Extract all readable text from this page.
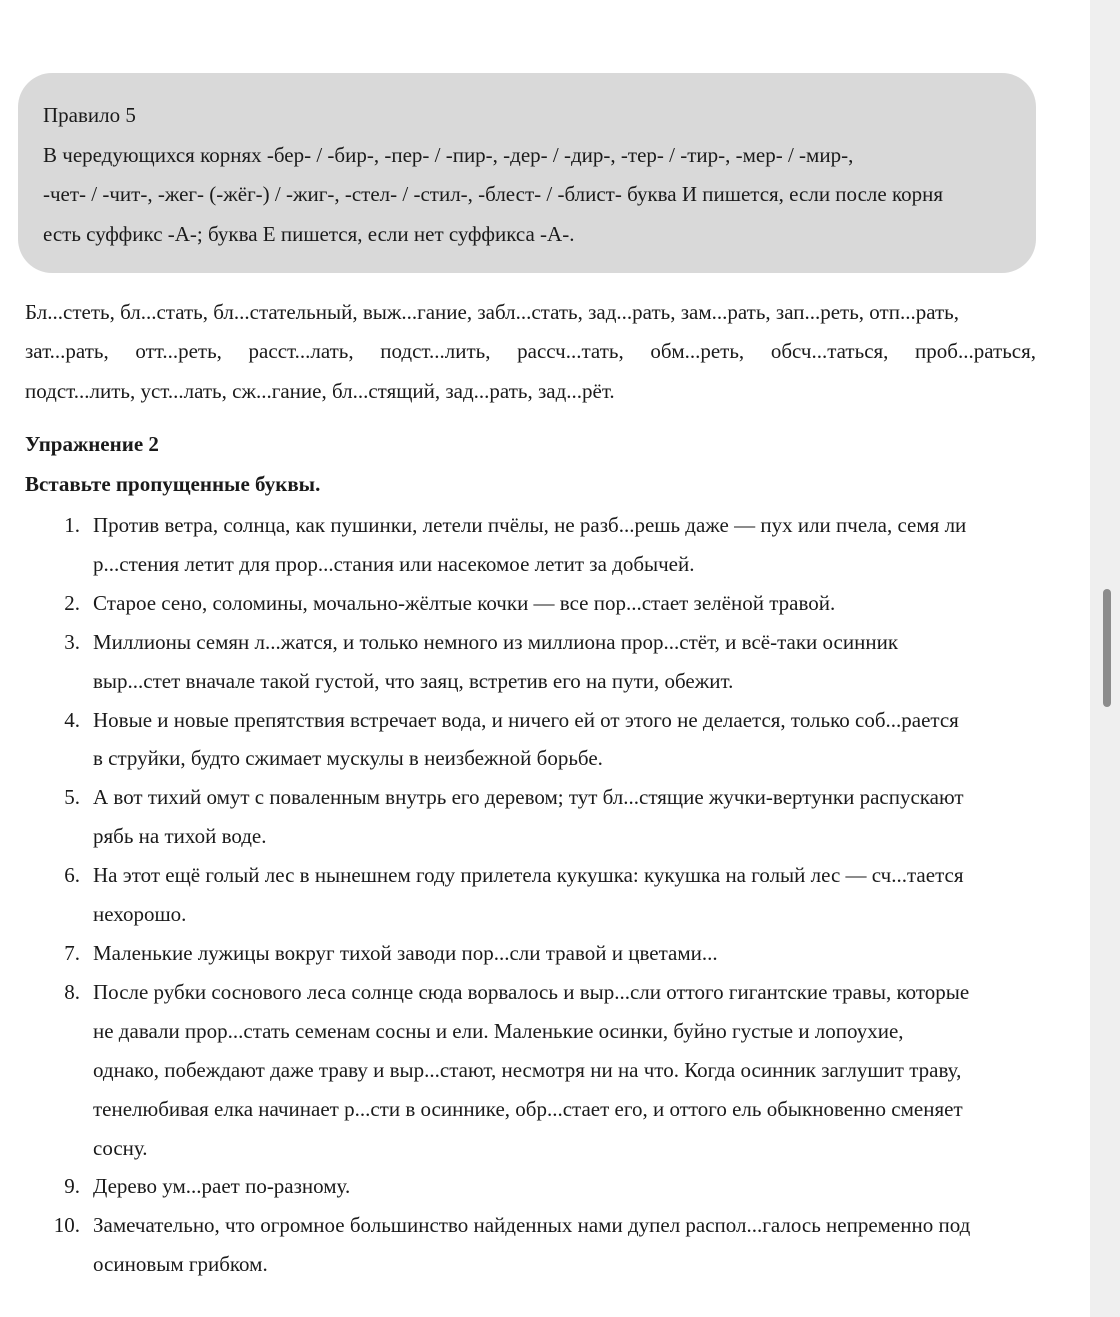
Правило 5

В чередующихся корнях -бер- / -бир-, -пер- / -пир-, -дер- / -дир-, -тер- / -тир-, -мер- / -мир-,

-чет- / -чит-, -жег- (-жёг-) / -жиг-, -стел- / -стил-, -блест- / -блист- буква И пишется, если после корня

есть суффикс -А-; буква Е пишется, если нет суффикса -А-.

Бл...стеть, бл...стать, бл...стательный, выж...гание, забл...стать, зад...рать, зам...рать, зап...реть, отп...рать,

зат...рать, отт...реть, расст...лать, подст...лить, рассч...тать, обм...реть, обсч...таться, проб...раться,

подст...лить, уст...лать, сж...гание, бл...стящий, зад...рать, зад...рёт.

Упражнение 2
Вставьте пропущенные буквы.
1. Против ветра, солнца, как пушинки, летели пчёлы, не разб...решь даже — пух или пчела, семя ли
р...стения летит для прор...стания или насекомое летит за добычей.
2. Старое сено, соломины, мочально-жёлтые кочки — все пор...стает зелёной травой.
3. Миллионы семян л...жатся, и только немного из миллиона прор...стёт, и всё-таки осинник
выр...стет вначале такой густой, что заяц, встретив его на пути, обежит.
4. Новые и новые препятствия встречает вода, и ничего ей от этого не делается, только соб...рается
в струйки, будто сжимает мускулы в неизбежной борьбе.
5. А вот тихий омут с поваленным внутрь его деревом; тут бл...стящие жучки-вертунки распускают
рябь на тихой воде.
6. На этот ещё голый лес в нынешнем году прилетела кукушка: кукушка на голый лес — сч...тается
нехорошо.
7. Маленькие лужицы вокруг тихой заводи пор...сли травой и цветами...
8. После рубки соснового леса солнце сюда ворвалось и выр...сли оттого гигантские травы, которые
не давали прор...стать семенам сосны и ели. Маленькие осинки, буйно густые и лопоухие,
однако, побеждают даже траву и выр...стают, несмотря ни на что. Когда осинник заглушит траву,
тенелюбивая елка начинает р...сти в осиннике, обр...стает его, и оттого ель обыкновенно сменяет
сосну.
9. Дерево ум...рает по-разному.
10. Замечательно, что огромное большинство найденных нами дупел распол...галось непременно под
осиновым грибком.
